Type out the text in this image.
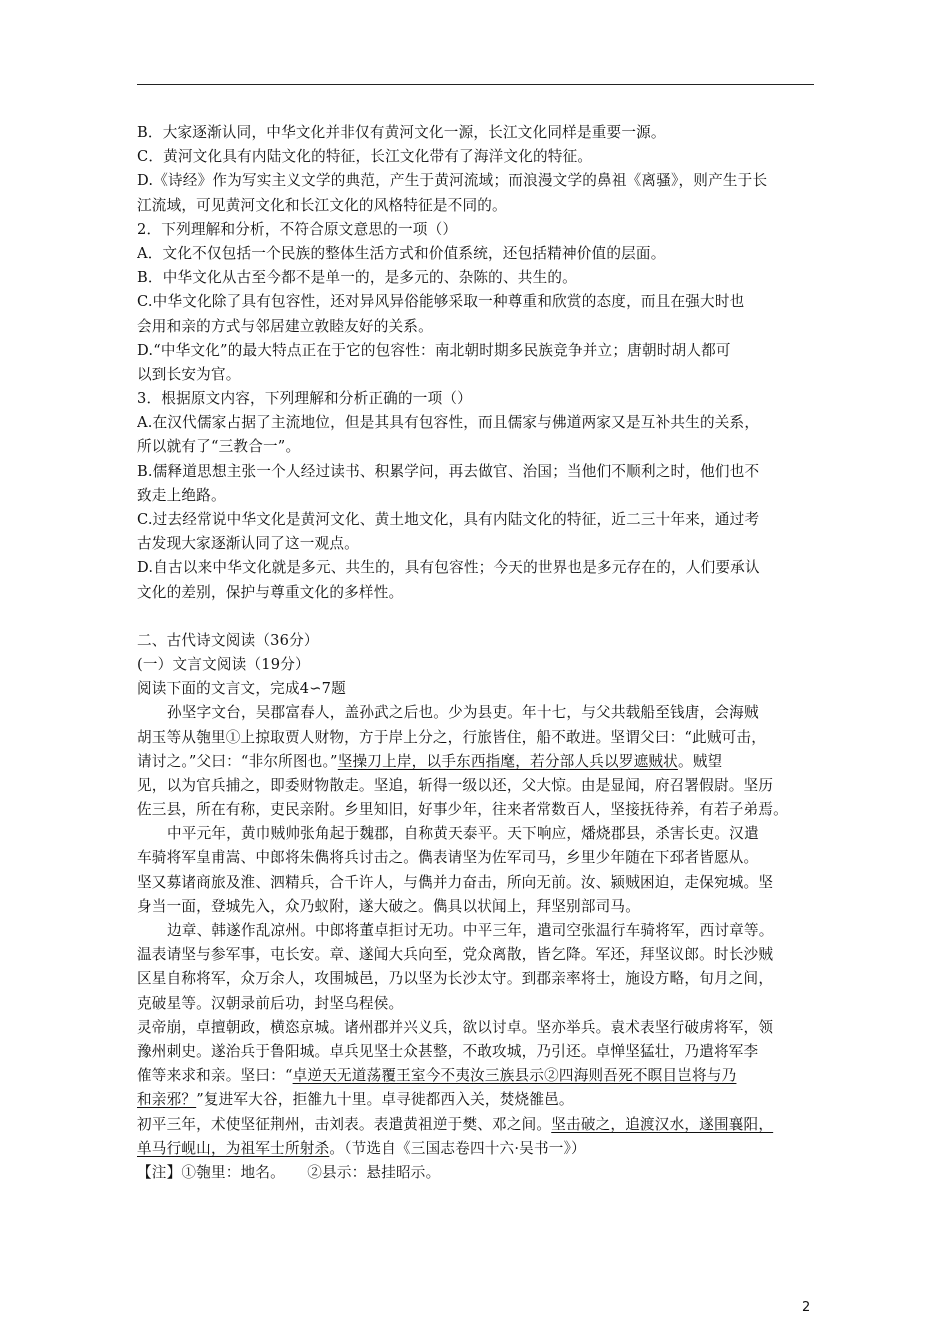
B．大家逐渐认同，中华文化并非仅有黄河文化一源，长江文化同样是重要一源。
C．黄河文化具有内陆文化的特征，长江文化带有了海洋文化的特征。
D.《诗经》作为写实主义文学的典范，产生于黄河流域；而浪漫文学的鼻祖《离骚》，则产生于长
江流域，可见黄河文化和长江文化的风格特征是不同的。
2．下列理解和分析，不符合原文意思的一项（）
A．文化不仅包括一个民族的整体生活方式和价值系统，还包括精神价值的层面。
B．中华文化从古至今都不是单一的，是多元的、杂陈的、共生的。
C.中华文化除了具有包容性，还对异风异俗能够采取一种尊重和欣赏的态度，而且在强大时也
会用和亲的方式与邻居建立敦睦友好的关系。
D.“中华文化”的最大特点正在于它的包容性：南北朝时期多民族竞争并立；唐朝时胡人都可
以到长安为官。
3．根据原文内容，下列理解和分析正确的一项（）
A.在汉代儒家占据了主流地位，但是其具有包容性，而且儒家与佛道两家又是互补共生的关系，
所以就有了“三教合一”。
B.儒释道思想主张一个人经过读书、积累学问，再去做官、治国；当他们不顺利之时，他们也不
致走上绝路。
C.过去经常说中华文化是黄河文化、黄土地文化，具有内陆文化的特征，近二三十年来，通过考
古发现大家逐渐认同了这一观点。
D.自古以来中华文化就是多元、共生的，具有包容性；今天的世界也是多元存在的，人们要承认
文化的差别，保护与尊重文化的多样性。
二、古代诗文阅读（36分）
(一）文言文阅读（19分）
阅读下面的文言文，完成4∽7题
孙坚字文台，吴郡富春人，盖孙武之后也。少为县吏。年十七，与父共载船至钱唐，会海贼
胡玉等从匏里①上掠取贾人财物，方于岸上分之，行旅皆住，船不敢进。坚谓父曰：“此贼可击，
请讨之。”父曰：“非尔所图也。”坚操刀上岸，以手东西指麾，若分部人兵以罗遮贼状。贼望
见，以为官兵捕之，即委财物散走。坚追，斩得一级以还，父大惊。由是显闻，府召署假尉。坚历
佐三县，所在有称，吏民亲附。乡里知旧，好事少年，往来者常数百人，坚接抚待养，有若子弟焉。
中平元年，黄巾贼帅张角起于魏郡，自称黄天泰平。天下响应，燔烧郡县，杀害长吏。汉遣
车骑将军皇甫嵩、中郎将朱儁将兵讨击之。儁表请坚为佐军司马，乡里少年随在下邳者皆愿从。
坚又募诸商旅及淮、泗精兵，合千许人，与儁并力奋击，所向无前。汝、颍贼困迫，走保宛城。坚
身当一面，登城先入，众乃蚁附，遂大破之。儁具以状闻上，拜坚别部司马。
边章、韩遂作乱凉州。中郎将董卓拒讨无功。中平三年，遣司空张温行车骑将军，西讨章等。
温表请坚与参军事，屯长安。章、遂闻大兵向至，党众离散，皆乞降。军还，拜坚议郎。时长沙贼
区星自称将军，众万余人，攻围城邑，乃以坚为长沙太守。到郡亲率将士，施设方略，旬月之间，
克破星等。汉朝录前后功，封坚乌程侯。
灵帝崩，卓擅朝政，横恣京城。诸州郡并兴义兵，欲以讨卓。坚亦举兵。袁术表坚行破虏将军，领
豫州刺史。遂治兵于鲁阳城。卓兵见坚士众甚整，不敢攻城，乃引还。卓惮坚猛壮，乃遣将军李
傕等来求和亲。坚曰：“卓逆天无道荡覆王室今不夷汝三族县示②四海则吾死不瞑目岂将与乃
和亲邪？”复进军大谷，拒雒九十里。卓寻徙都西入关，焚烧雒邑。
初平三年，术使坚征荆州，击刘表。表遣黄祖逆于樊、邓之间。坚击破之，追渡汉水，遂围襄阳，
单马行岘山，为祖军士所射杀。（节选自《三国志卷四十六·吴书一》）
【注】①匏里：地名。　　②县示：悬挂昭示。
2
